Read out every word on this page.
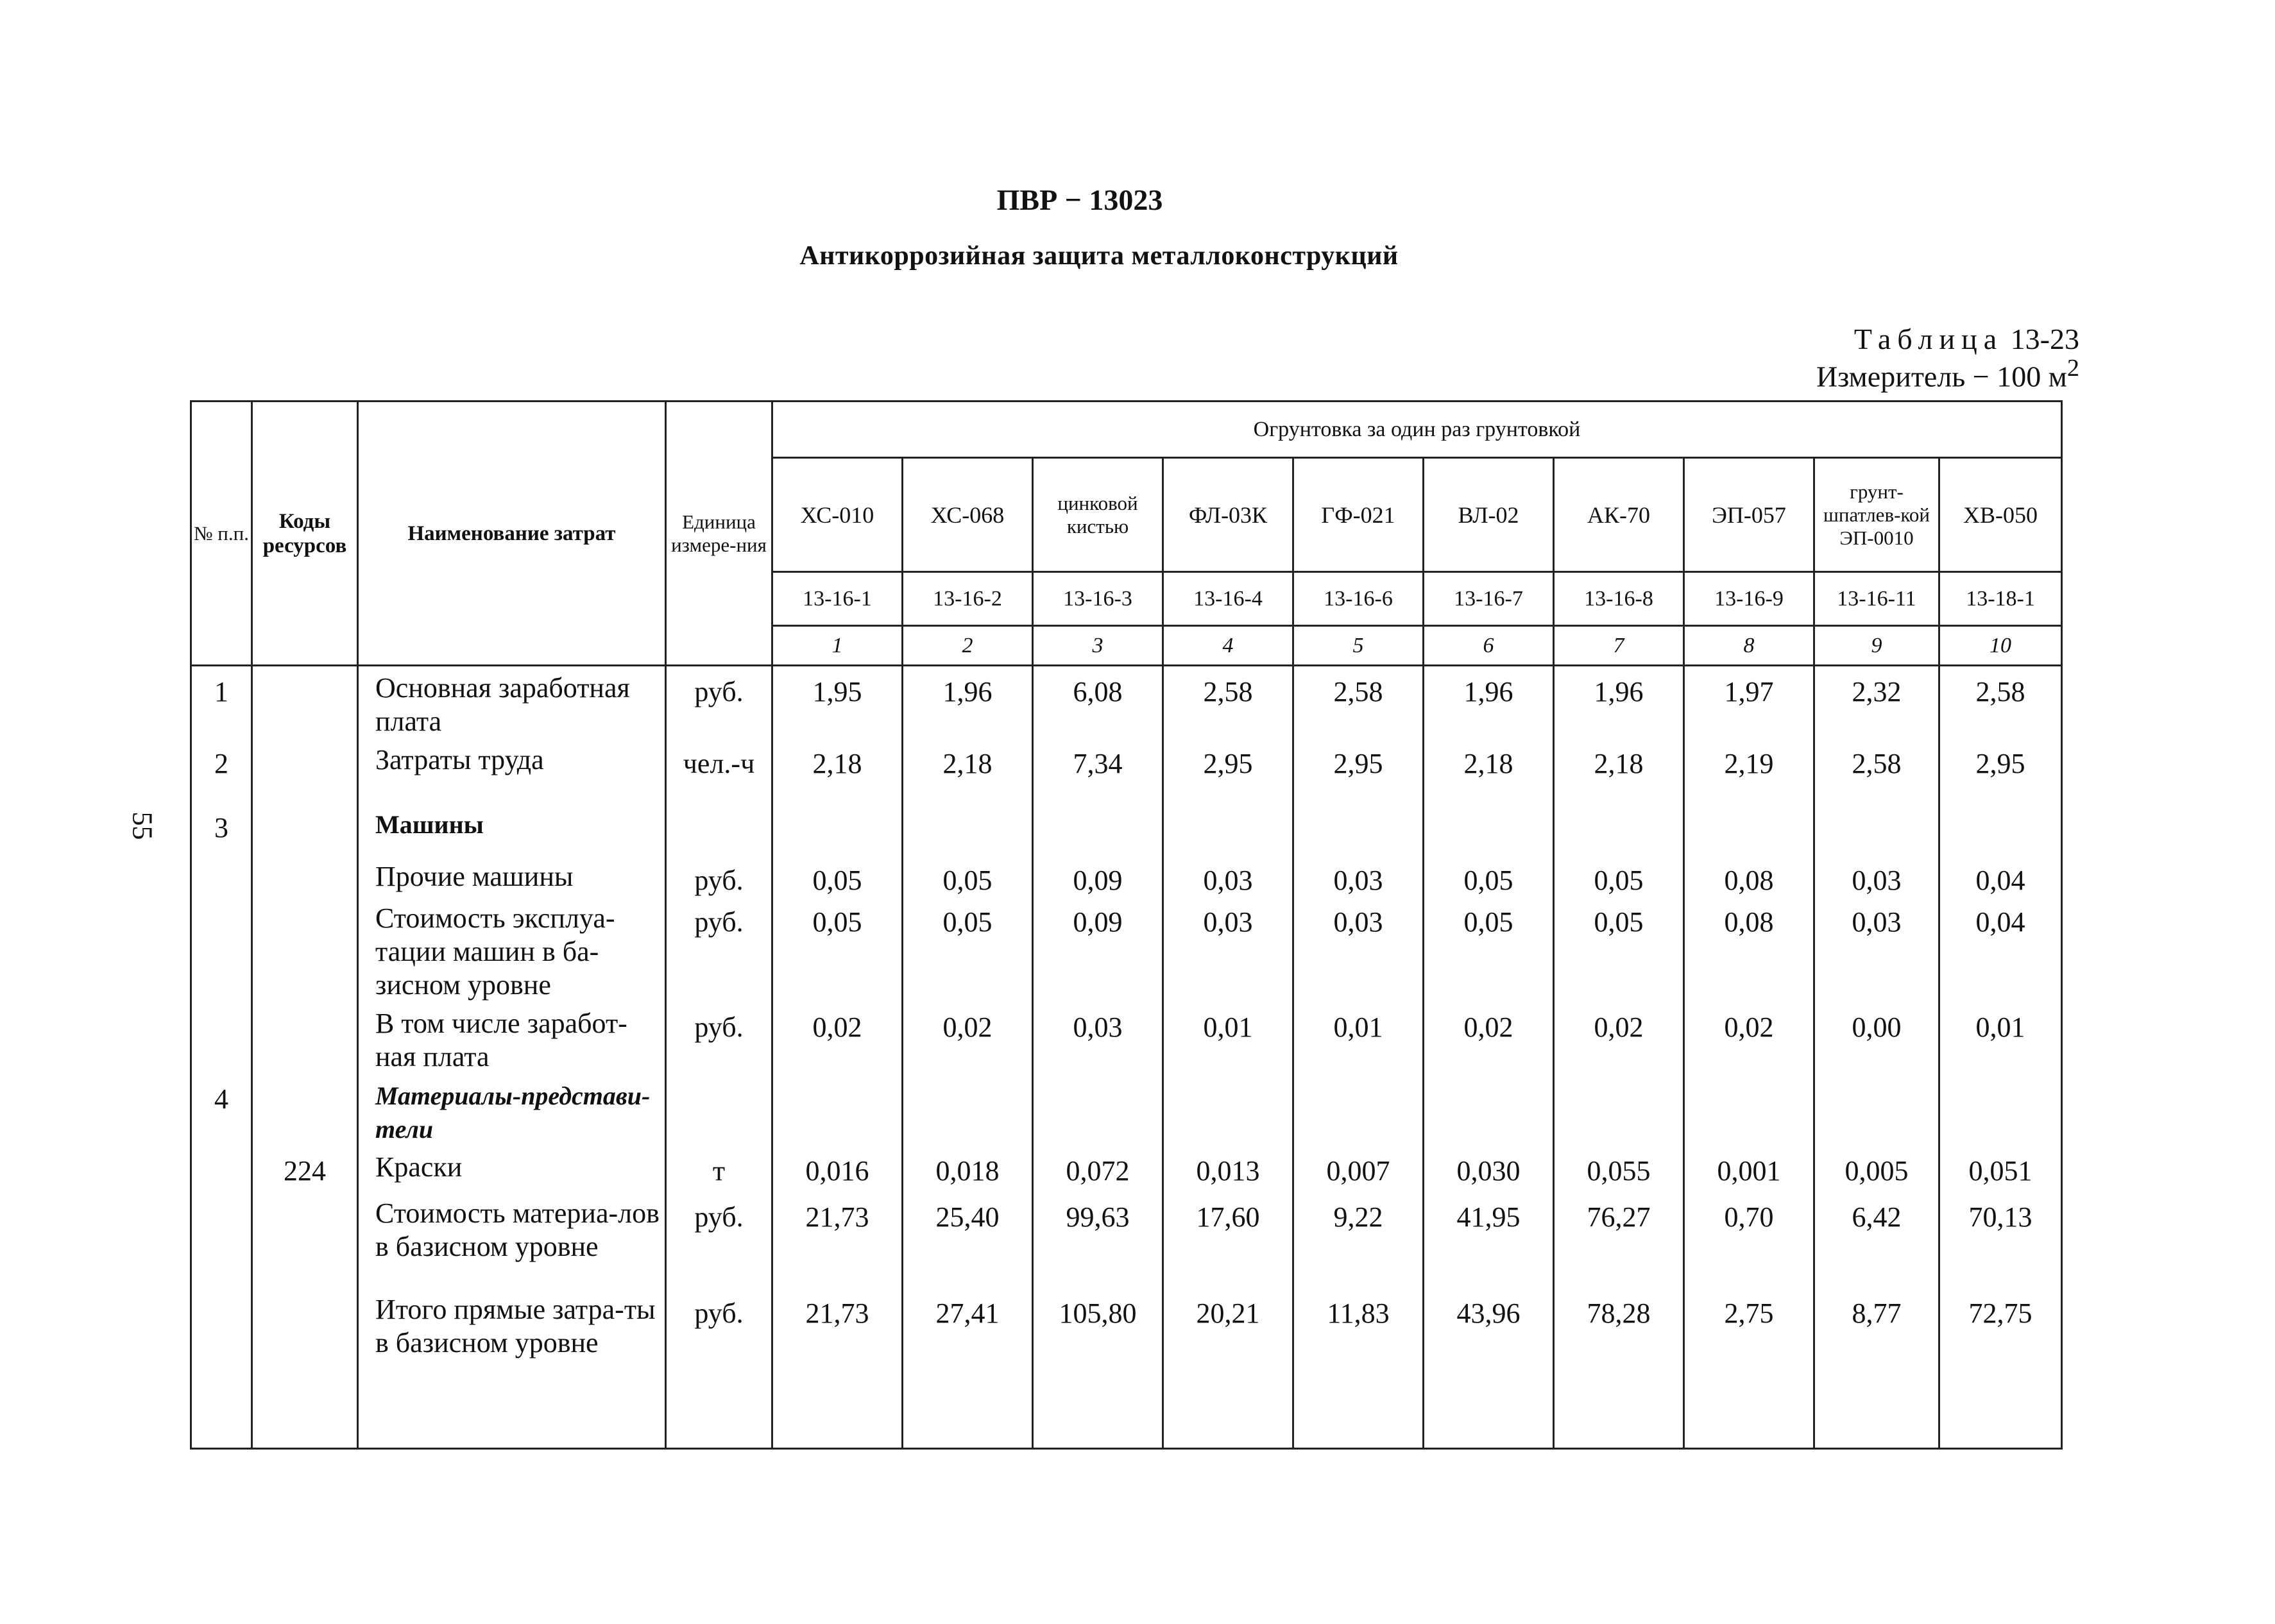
ПВР − 13023
Антикоррозийная защита металлоконструкций
Таблица 13-23
Измеритель − 100 $м^2$
55
№ п.п.	Коды ресурсов	Наименование затрат	Единица измере-ния	Огрунтовка за один раз грунтовкой									
				ХС-010	ХС-068	цинковой кистью	ФЛ-03К	ГФ-021	ВЛ-02	АК-70	ЭП-057	грунт-шпатлев-кой ЭП-0010	ХВ-050
				13-16-1	13-16-2	13-16-3	13-16-4	13-16-6	13-16-7	13-16-8	13-16-9	13-16-11	13-18-1
				1	2	3	4	5	6	7	8	9	10
1		Основная заработная плата	руб.	1,95	1,96	6,08	2,58	2,58	1,96	1,96	1,97	2,32	2,58
2		Затраты труда	чел.-ч	2,18	2,18	7,34	2,95	2,95	2,18	2,18	2,19	2,58	2,95
3		Машины											
		Прочие машины	руб.	0,05	0,05	0,09	0,03	0,03	0,05	0,05	0,08	0,03	0,04
		Стоимость эксплуа-тации машин в ба-зисном уровне	руб.	0,05	0,05	0,09	0,03	0,03	0,05	0,05	0,08	0,03	0,04
		В том числе заработ-ная плата	руб.	0,02	0,02	0,03	0,01	0,01	0,02	0,02	0,02	0,00	0,01
4		Материалы-представи-тели											
	224	Краски	т	0,016	0,018	0,072	0,013	0,007	0,030	0,055	0,001	0,005	0,051
		Стоимость материа-лов в базисном уровне	руб.	21,73	25,40	99,63	17,60	9,22	41,95	76,27	0,70	6,42	70,13
		Итого прямые затра-ты в базисном уровне	руб.	21,73	27,41	105,80	20,21	11,83	43,96	78,28	2,75	8,77	72,75
